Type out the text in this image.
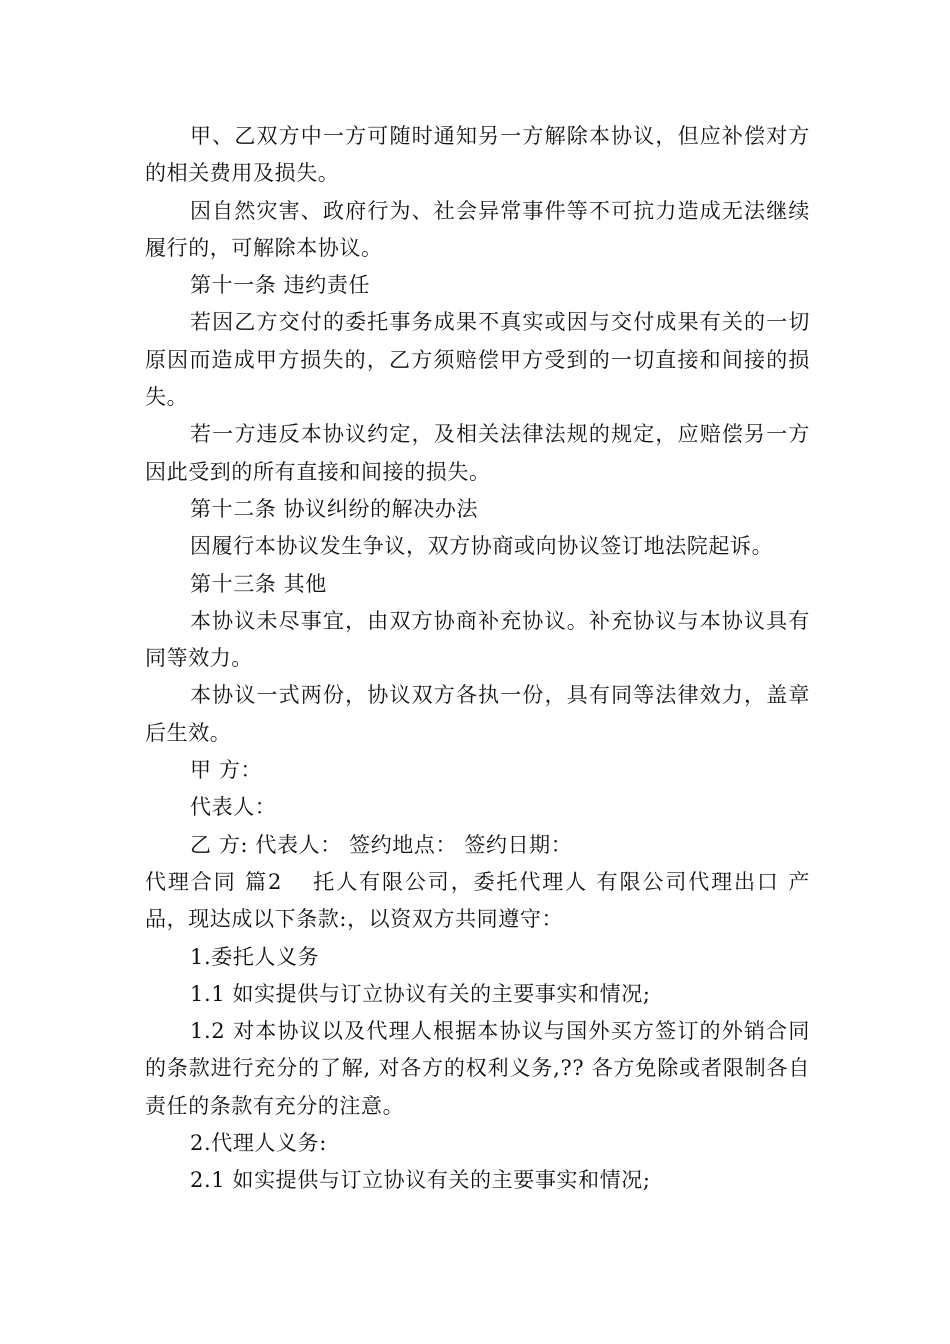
甲、乙双方中一方可随时通知另一方解除本协议，但应补偿对方的相关费用及损失。

因自然灾害、政府行为、社会异常事件等不可抗力造成无法继续履行的，可解除本协议。

第十一条 违约责任

若因乙方交付的委托事务成果不真实或因与交付成果有关的一切原因而造成甲方损失的，乙方须赔偿甲方受到的一切直接和间接的损失。

若一方违反本协议约定，及相关法律法规的规定，应赔偿另一方因此受到的所有直接和间接的损失。

第十二条 协议纠纷的解决办法

因履行本协议发生争议，双方协商或向协议签订地法院起诉。

第十三条 其他

本协议未尽事宜，由双方协商补充协议。补充协议与本协议具有同等效力。

本协议一式两份，协议双方各执一份，具有同等法律效力，盖章后生效。

甲 方：

代表人：

乙 方: 代表人： 签约地点： 签约日期：

代理合同 篇2 托人有限公司，委托代理人 有限公司代理出口 产品，现达成以下条款:，以资双方共同遵守：

1.委托人义务

1.1 如实提供与订立协议有关的主要事实和情况;

1.2 对本协议以及代理人根据本协议与国外买方签订的外销合同的条款进行充分的了解, 对各方的权利义务,?? 各方免除或者限制各自责任的条款有充分的注意。

2.代理人义务:

2.1 如实提供与订立协议有关的主要事实和情况;
